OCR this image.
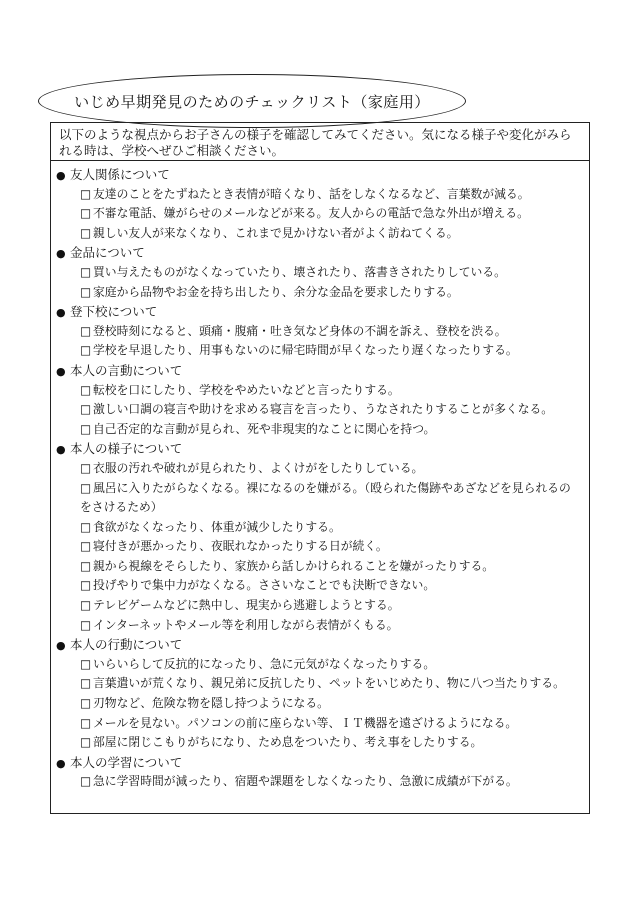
いじめ早期発見のためのチェックリスト（家庭用）
以下のような視点からお子さんの様子を確認してみてください。気になる様子や変化がみられる時は、学校へぜひご相談ください。
● 友人関係について
□ 友達のことをたずねたとき表情が暗くなり、話をしなくなるなど、言葉数が減る。
□ 不審な電話、嫌がらせのメールなどが来る。友人からの電話で急な外出が増える。
□ 親しい友人が来なくなり、これまで見かけない者がよく訪ねてくる。
● 金品について
□ 買い与えたものがなくなっていたり、壊されたり、落書きされたりしている。
□ 家庭から品物やお金を持ち出したり、余分な金品を要求したりする。
● 登下校について
□ 登校時刻になると、頭痛・腹痛・吐き気など身体の不調を訴え、登校を渋る。
□ 学校を早退したり、用事もないのに帰宅時間が早くなったり遅くなったりする。
● 本人の言動について
□ 転校を口にしたり、学校をやめたいなどと言ったりする。
□ 激しい口調の寝言や助けを求める寝言を言ったり、うなされたりすることが多くなる。
□ 自己否定的な言動が見られ、死や非現実的なことに関心を持つ。
● 本人の様子について
□ 衣服の汚れや破れが見られたり、よくけがをしたりしている。
□ 風呂に入りたがらなくなる。裸になるのを嫌がる。（殴られた傷跡やあざなどを見られるのをさけるため）
□ 食欲がなくなったり、体重が減少したりする。
□ 寝付きが悪かったり、夜眠れなかったりする日が続く。
□ 親から視線をそらしたり、家族から話しかけられることを嫌がったりする。
□ 投げやりで集中力がなくなる。ささいなことでも決断できない。
□ テレビゲームなどに熱中し、現実から逃避しようとする。
□ インターネットやメール等を利用しながら表情がくもる。
● 本人の行動について
□ いらいらして反抗的になったり、急に元気がなくなったりする。
□ 言葉遣いが荒くなり、親兄弟に反抗したり、ペットをいじめたり、物に八つ当たりする。
□ 刃物など、危険な物を隠し持つようになる。
□ メールを見ない。パソコンの前に座らない等、ＩＴ機器を遠ざけるようになる。
□ 部屋に閉じこもりがちになり、ため息をついたり、考え事をしたりする。
● 本人の学習について
□ 急に学習時間が減ったり、宿題や課題をしなくなったり、急激に成績が下がる。
